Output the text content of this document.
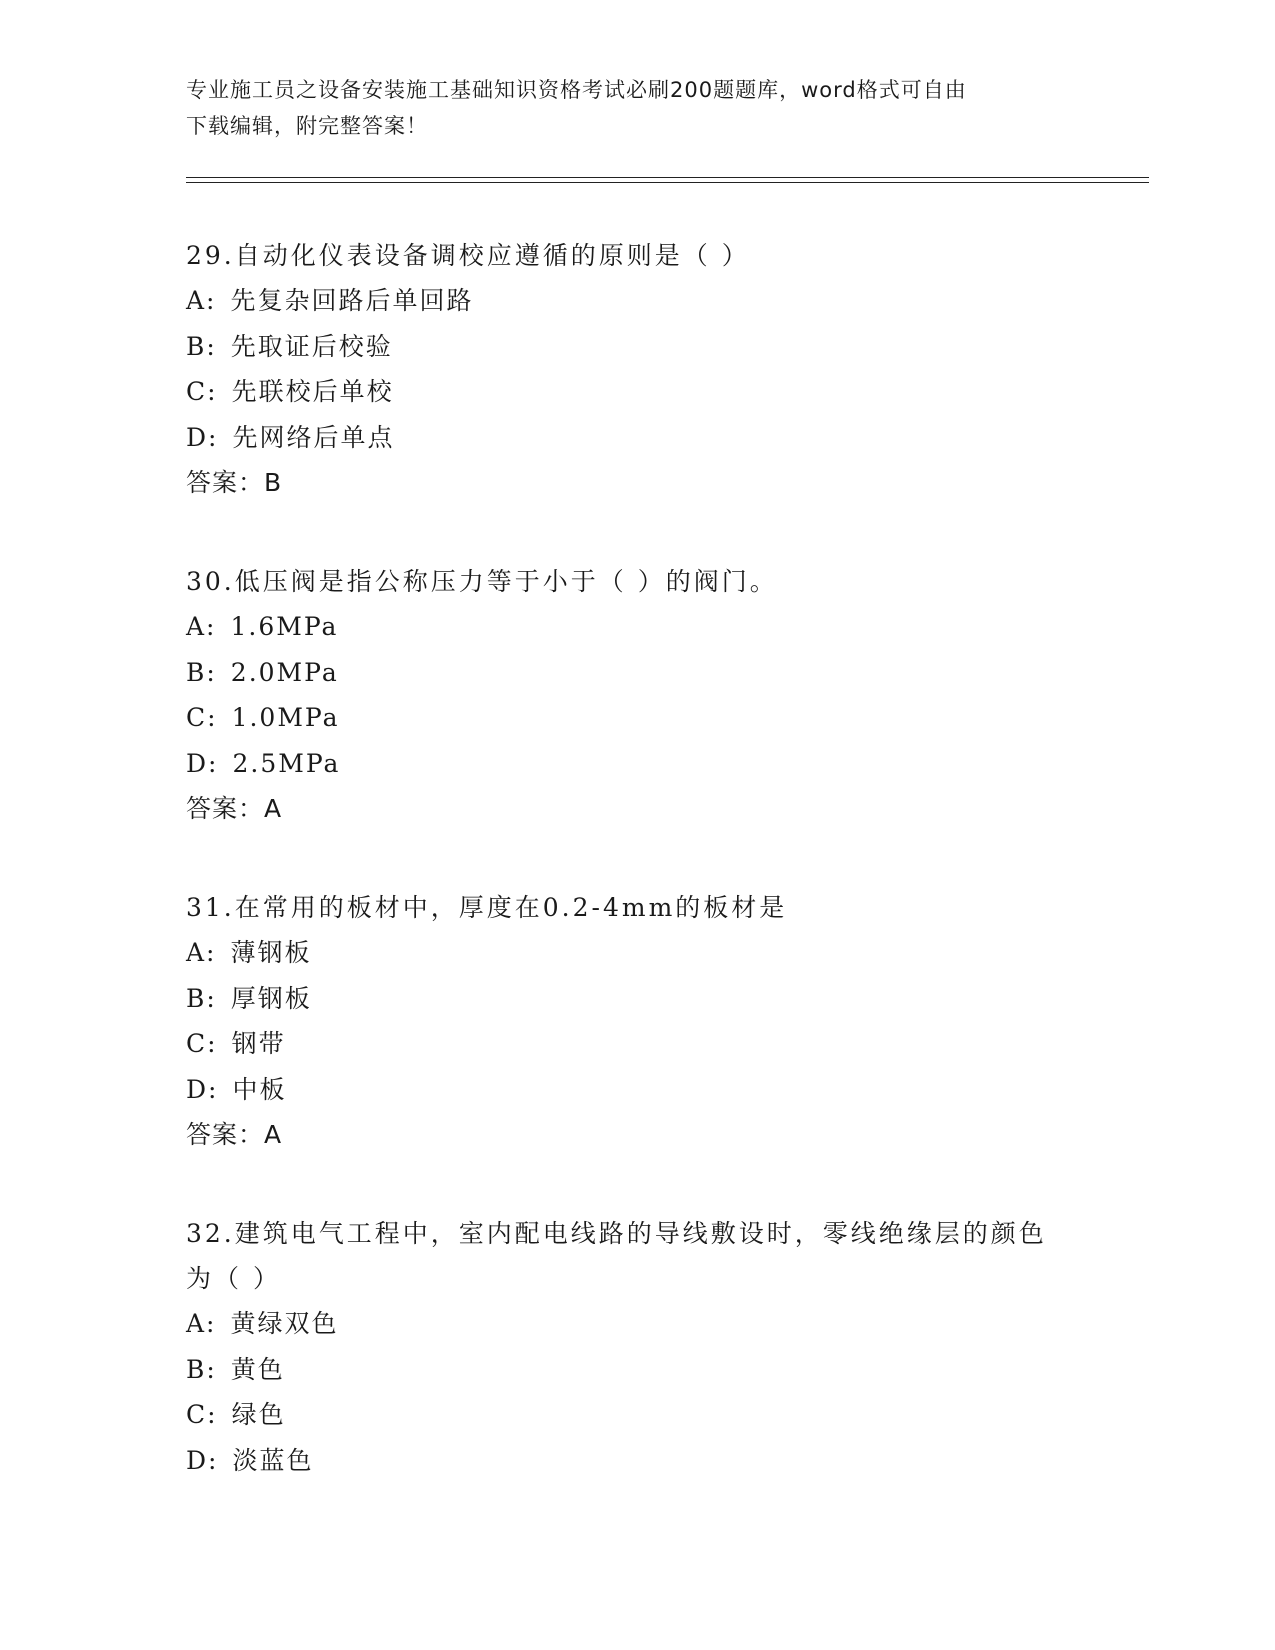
专业施工员之设备安装施工基础知识资格考试必刷200题题库，word格式可自由
下载编辑，附完整答案！
29.自动化仪表设备调校应遵循的原则是（ ）
A: 先复杂回路后单回路
B: 先取证后校验
C: 先联校后单校
D: 先网络后单点
答案：B
30.低压阀是指公称压力等于小于（ ）的阀门。
A: 1.6MPa
B: 2.0MPa
C: 1.0MPa
D: 2.5MPa
答案：A
31.在常用的板材中，厚度在0.2-4mm的板材是
A: 薄钢板
B: 厚钢板
C: 钢带
D: 中板
答案：A
32.建筑电气工程中，室内配电线路的导线敷设时，零线绝缘层的颜色
为（ ）
A: 黄绿双色
B: 黄色
C: 绿色
D: 淡蓝色
